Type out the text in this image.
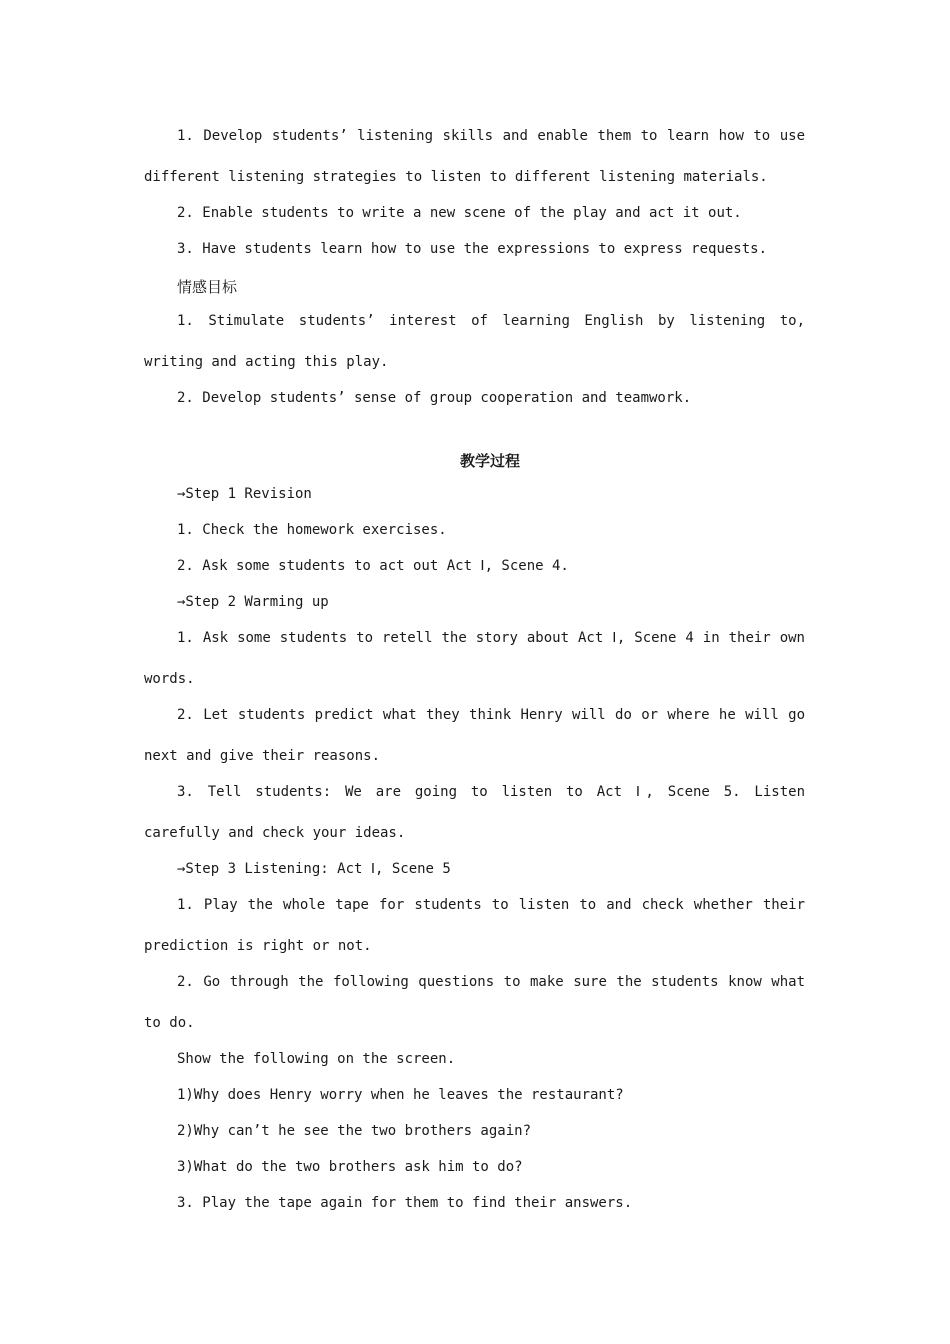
1. Develop students’ listening skills and enable them to learn how to use
different listening strategies to listen to different listening materials.
2. Enable students to write a new scene of the play and act it out.
3. Have students learn how to use the expressions to express requests.
情感目标
1. Stimulate students’ interest of learning English by listening to,
writing and acting this play.
2. Develop students’ sense of group cooperation and teamwork.
教学过程
→Step 1 Revision
1. Check the homework exercises.
2. Ask some students to act out Act Ⅰ, Scene 4.
→Step 2 Warming up
1. Ask some students to retell the story about Act Ⅰ, Scene 4 in their own
words.
2. Let students predict what they think Henry will do or where he will go
next and give their reasons.
3. Tell students: We are going to listen to Act Ⅰ, Scene 5. Listen
carefully and check your ideas.
→Step 3 Listening: Act Ⅰ, Scene 5
1. Play the whole tape for students to listen to and check whether their
prediction is right or not.
2. Go through the following questions to make sure the students know what
to do.
Show the following on the screen.
1)Why does Henry worry when he leaves the restaurant?
2)Why can’t he see the two brothers again?
3)What do the two brothers ask him to do?
3. Play the tape again for them to find their answers.
